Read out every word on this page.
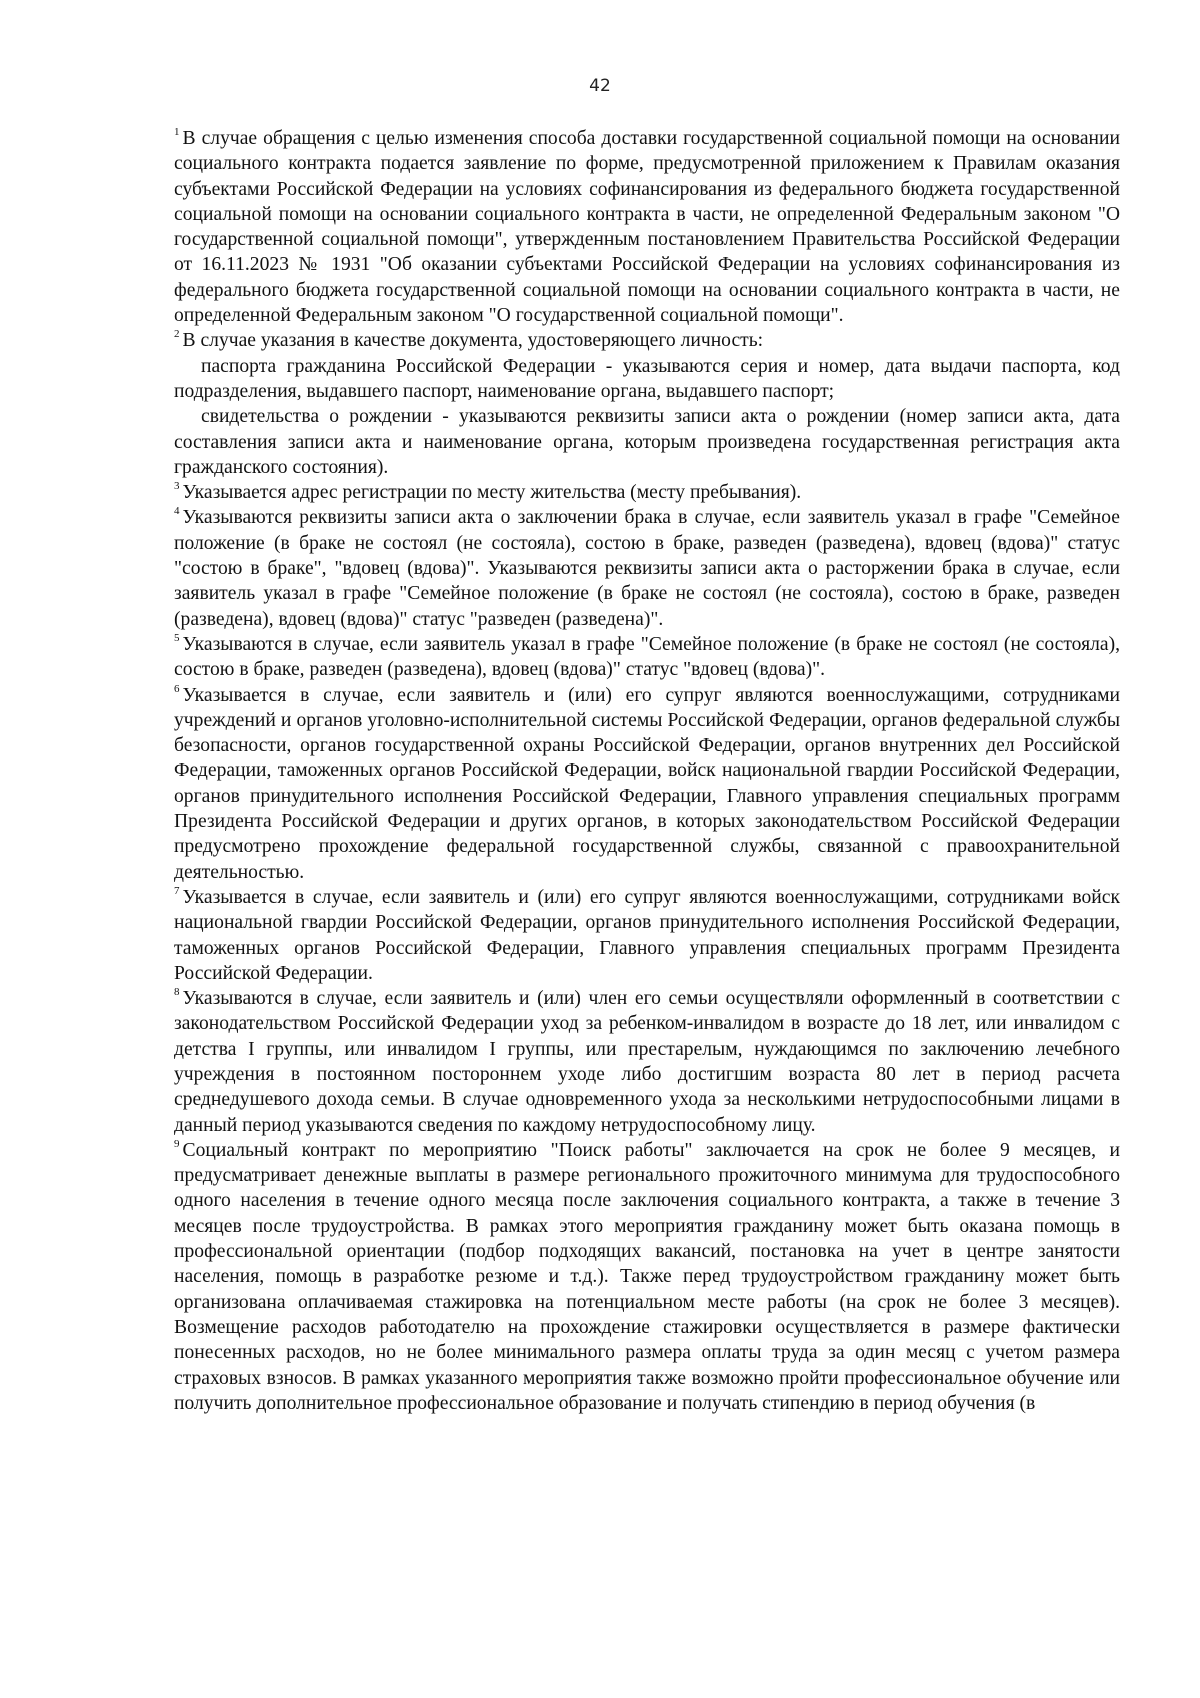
42

1 В случае обращения с целью изменения способа доставки государственной социальной помощи на основании социального контракта подается заявление по форме, предусмотренной приложением к Правилам оказания субъектами Российской Федерации на условиях софинансирования из федерального бюджета государственной социальной помощи на основании социального контракта в части, не определенной Федеральным законом "О государственной социальной помощи", утвержденным постановлением Правительства Российской Федерации от 16.11.2023 № 1931 "Об оказании субъектами Российской Федерации на условиях софинансирования из федерального бюджета государственной социальной помощи на основании социального контракта в части, не определенной Федеральным законом "О государственной социальной помощи".

2 В случае указания в качестве документа, удостоверяющего личность:

паспорта гражданина Российской Федерации - указываются серия и номер, дата выдачи паспорта, код подразделения, выдавшего паспорт, наименование органа, выдавшего паспорт;

свидетельства о рождении - указываются реквизиты записи акта о рождении (номер записи акта, дата составления записи акта и наименование органа, которым произведена государственная регистрация акта гражданского состояния).

3 Указывается адрес регистрации по месту жительства (месту пребывания).

4 Указываются реквизиты записи акта о заключении брака в случае, если заявитель указал в графе "Семейное положение (в браке не состоял (не состояла), состою в браке, разведен (разведена), вдовец (вдова)" статус "состою в браке", "вдовец (вдова)". Указываются реквизиты записи акта о расторжении брака в случае, если заявитель указал в графе "Семейное положение (в браке не состоял (не состояла), состою в браке, разведен (разведена), вдовец (вдова)" статус "разведен (разведена)".

5 Указываются в случае, если заявитель указал в графе "Семейное положение (в браке не состоял (не состояла), состою в браке, разведен (разведена), вдовец (вдова)" статус "вдовец (вдова)".

6 Указывается в случае, если заявитель и (или) его супруг являются военнослужащими, сотрудниками учреждений и органов уголовно-исполнительной системы Российской Федерации, органов федеральной службы безопасности, органов государственной охраны Российской Федерации, органов внутренних дел Российской Федерации, таможенных органов Российской Федерации, войск национальной гвардии Российской Федерации, органов принудительного исполнения Российской Федерации, Главного управления специальных программ Президента Российской Федерации и других органов, в которых законодательством Российской Федерации предусмотрено прохождение федеральной государственной службы, связанной с правоохранительной деятельностью.

7 Указывается в случае, если заявитель и (или) его супруг являются военнослужащими, сотрудниками войск национальной гвардии Российской Федерации, органов принудительного исполнения Российской Федерации, таможенных органов Российской Федерации, Главного управления специальных программ Президента Российской Федерации.

8 Указываются в случае, если заявитель и (или) член его семьи осуществляли оформленный в соответствии с законодательством Российской Федерации уход за ребенком-инвалидом в возрасте до 18 лет, или инвалидом с детства I группы, или инвалидом I группы, или престарелым, нуждающимся по заключению лечебного учреждения в постоянном постороннем уходе либо достигшим возраста 80 лет в период расчета среднедушевого дохода семьи. В случае одновременного ухода за несколькими нетрудоспособными лицами в данный период указываются сведения по каждому нетрудоспособному лицу.

9 Социальный контракт по мероприятию "Поиск работы" заключается на срок не более 9 месяцев, и предусматривает денежные выплаты в размере регионального прожиточного минимума для трудоспособного одного населения в течение одного месяца после заключения социального контракта, а также в течение 3 месяцев после трудоустройства. В рамках этого мероприятия гражданину может быть оказана помощь в профессиональной ориентации (подбор подходящих вакансий, постановка на учет в центре занятости населения, помощь в разработке резюме и т.д.). Также перед трудоустройством гражданину может быть организована оплачиваемая стажировка на потенциальном месте работы (на срок не более 3 месяцев). Возмещение расходов работодателю на прохождение стажировки осуществляется в размере фактически понесенных расходов, но не более минимального размера оплаты труда за один месяц с учетом размера страховых взносов. В рамках указанного мероприятия также возможно пройти профессиональное обучение или получить дополнительное профессиональное образование и получать стипендию в период обучения (в
